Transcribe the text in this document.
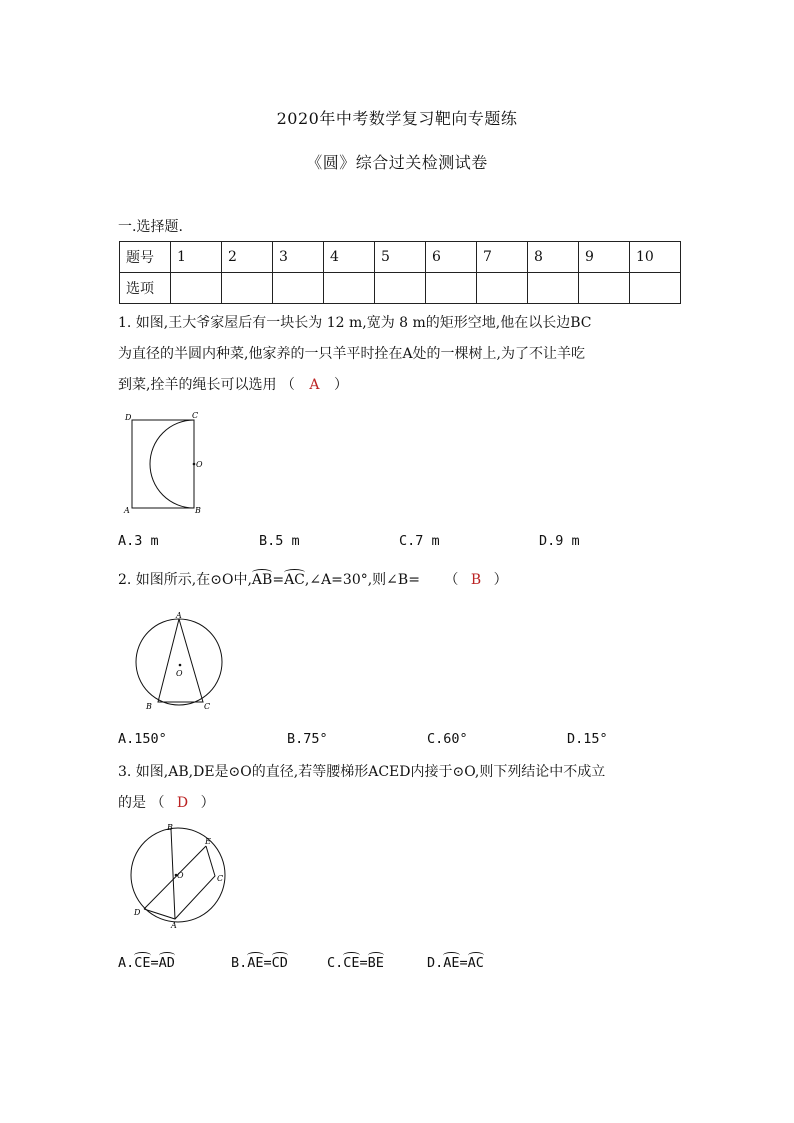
2020年中考数学复习靶向专题练
《圆》综合过关检测试卷
一.选择题.
题号	1	2	3	4	5	6	7	8	9	10
选项										
1. 如图,王大爷家屋后有一块长为 12 m,宽为 8 m的矩形空地,他在以长边BC
为直径的半圆内种菜,他家养的一只羊平时拴在A处的一棵树上,为了不让羊吃
到菜,拴羊的绳长可以选用 （ A ）
D	C
O
A	B
A.3 m	B.5 m	C.7 m	D.9 m
2. 如图所示,在⊙O中,AB=AC,∠A=30°,则∠B= （ B ）
A
O
B	C
A.150°	B.75°	C.60°	D.15°
3. 如图,AB,DE是⊙O的直径,若等腰梯形ACED内接于⊙O,则下列结论中不成立
的是 （ D ）
B
E
O	C
D
A
A.CE=AD	B.AE=CD	C.CE=BE	D.AE=AC
